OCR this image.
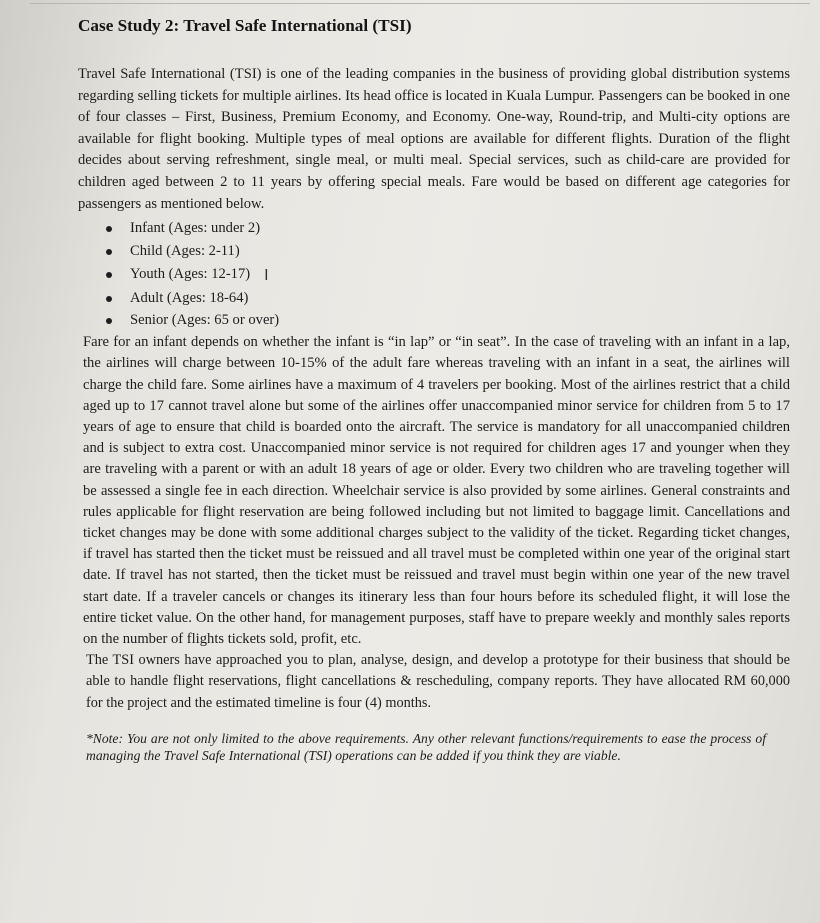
Case Study 2: Travel Safe International (TSI)

Travel Safe International (TSI) is one of the leading companies in the business of providing global distribution systems regarding selling tickets for multiple airlines. Its head office is located in Kuala Lumpur. Passengers can be booked in one of four classes – First, Business, Premium Economy, and Economy. One-way, Round-trip, and Multi-city options are available for flight booking. Multiple types of meal options are available for different flights. Duration of the flight decides about serving refreshment, single meal, or multi meal. Special services, such as child-care are provided for children aged between 2 to 11 years by offering special meals. Fare would be based on different age categories for passengers as mentioned below.

Infant (Ages: under 2)
Child (Ages: 2-11)
Youth (Ages: 12-17) I
Adult (Ages: 18-64)
Senior (Ages: 65 or over)

Fare for an infant depends on whether the infant is “in lap” or “in seat”. In the case of traveling with an infant in a lap, the airlines will charge between 10-15% of the adult fare whereas traveling with an infant in a seat, the airlines will charge the child fare. Some airlines have a maximum of 4 travelers per booking. Most of the airlines restrict that a child aged up to 17 cannot travel alone but some of the airlines offer unaccompanied minor service for children from 5 to 17 years of age to ensure that child is boarded onto the aircraft. The service is mandatory for all unaccompanied children and is subject to extra cost. Unaccompanied minor service is not required for children ages 17 and younger when they are traveling with a parent or with an adult 18 years of age or older. Every two children who are traveling together will be assessed a single fee in each direction. Wheelchair service is also provided by some airlines. General constraints and rules applicable for flight reservation are being followed including but not limited to baggage limit. Cancellations and ticket changes may be done with some additional charges subject to the validity of the ticket. Regarding ticket changes, if travel has started then the ticket must be reissued and all travel must be completed within one year of the original start date. If travel has not started, then the ticket must be reissued and travel must begin within one year of the new travel start date. If a traveler cancels or changes its itinerary less than four hours before its scheduled flight, it will lose the entire ticket value. On the other hand, for management purposes, staff have to prepare weekly and monthly sales reports on the number of flights tickets sold, profit, etc.

The TSI owners have approached you to plan, analyse, design, and develop a prototype for their business that should be able to handle flight reservations, flight cancellations & rescheduling, company reports. They have allocated RM 60,000 for the project and the estimated timeline is four (4) months.

*Note: You are not only limited to the above requirements. Any other relevant functions/requirements to ease the process of managing the Travel Safe International (TSI) operations can be added if you think they are viable.
